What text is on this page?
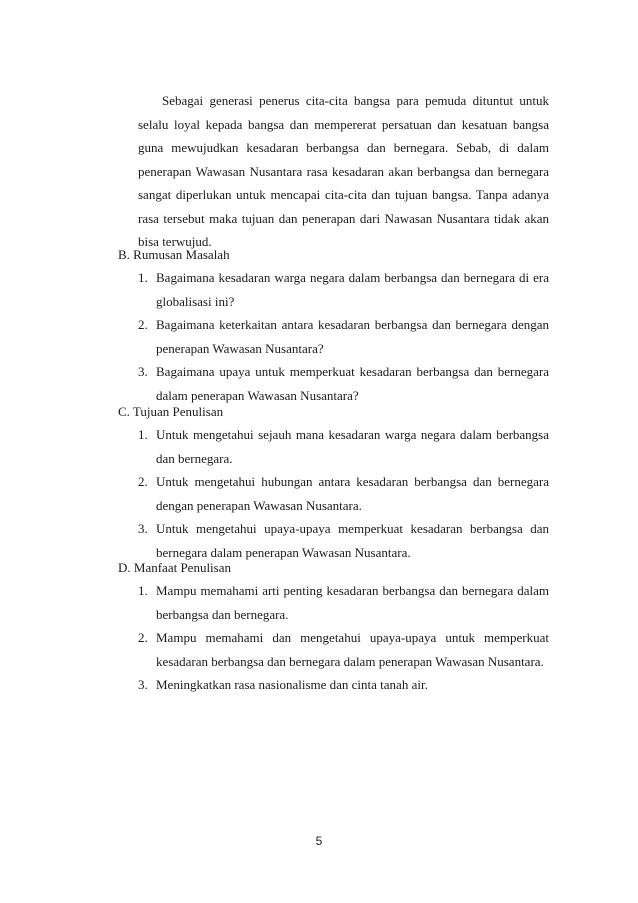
Sebagai generasi penerus cita-cita bangsa para pemuda dituntut untuk selalu loyal kepada bangsa dan mempererat persatuan dan kesatuan bangsa guna mewujudkan kesadaran berbangsa dan bernegara. Sebab, di dalam penerapan Wawasan Nusantara rasa kesadaran akan berbangsa dan bernegara sangat diperlukan untuk mencapai cita-cita dan tujuan bangsa. Tanpa adanya rasa tersebut maka tujuan dan penerapan dari Nawasan Nusantara tidak akan bisa terwujud.

B. Rumusan Masalah
1. Bagaimana kesadaran warga negara dalam berbangsa dan bernegara di era globalisasi ini?
2. Bagaimana keterkaitan antara kesadaran berbangsa dan bernegara dengan penerapan Wawasan Nusantara?
3. Bagaimana upaya untuk memperkuat kesadaran berbangsa dan bernegara dalam penerapan Wawasan Nusantara?
C. Tujuan Penulisan
1. Untuk mengetahui sejauh mana kesadaran warga negara dalam berbangsa dan bernegara.
2. Untuk mengetahui hubungan antara kesadaran berbangsa dan bernegara dengan penerapan Wawasan Nusantara.
3. Untuk mengetahui upaya-upaya memperkuat kesadaran berbangsa dan bernegara dalam penerapan Wawasan Nusantara.
D. Manfaat Penulisan
1. Mampu memahami arti penting kesadaran berbangsa dan bernegara dalam berbangsa dan bernegara.
2. Mampu memahami dan mengetahui upaya-upaya untuk memperkuat kesadaran berbangsa dan bernegara dalam penerapan Wawasan Nusantara.
3. Meningkatkan rasa nasionalisme dan cinta tanah air.
5
